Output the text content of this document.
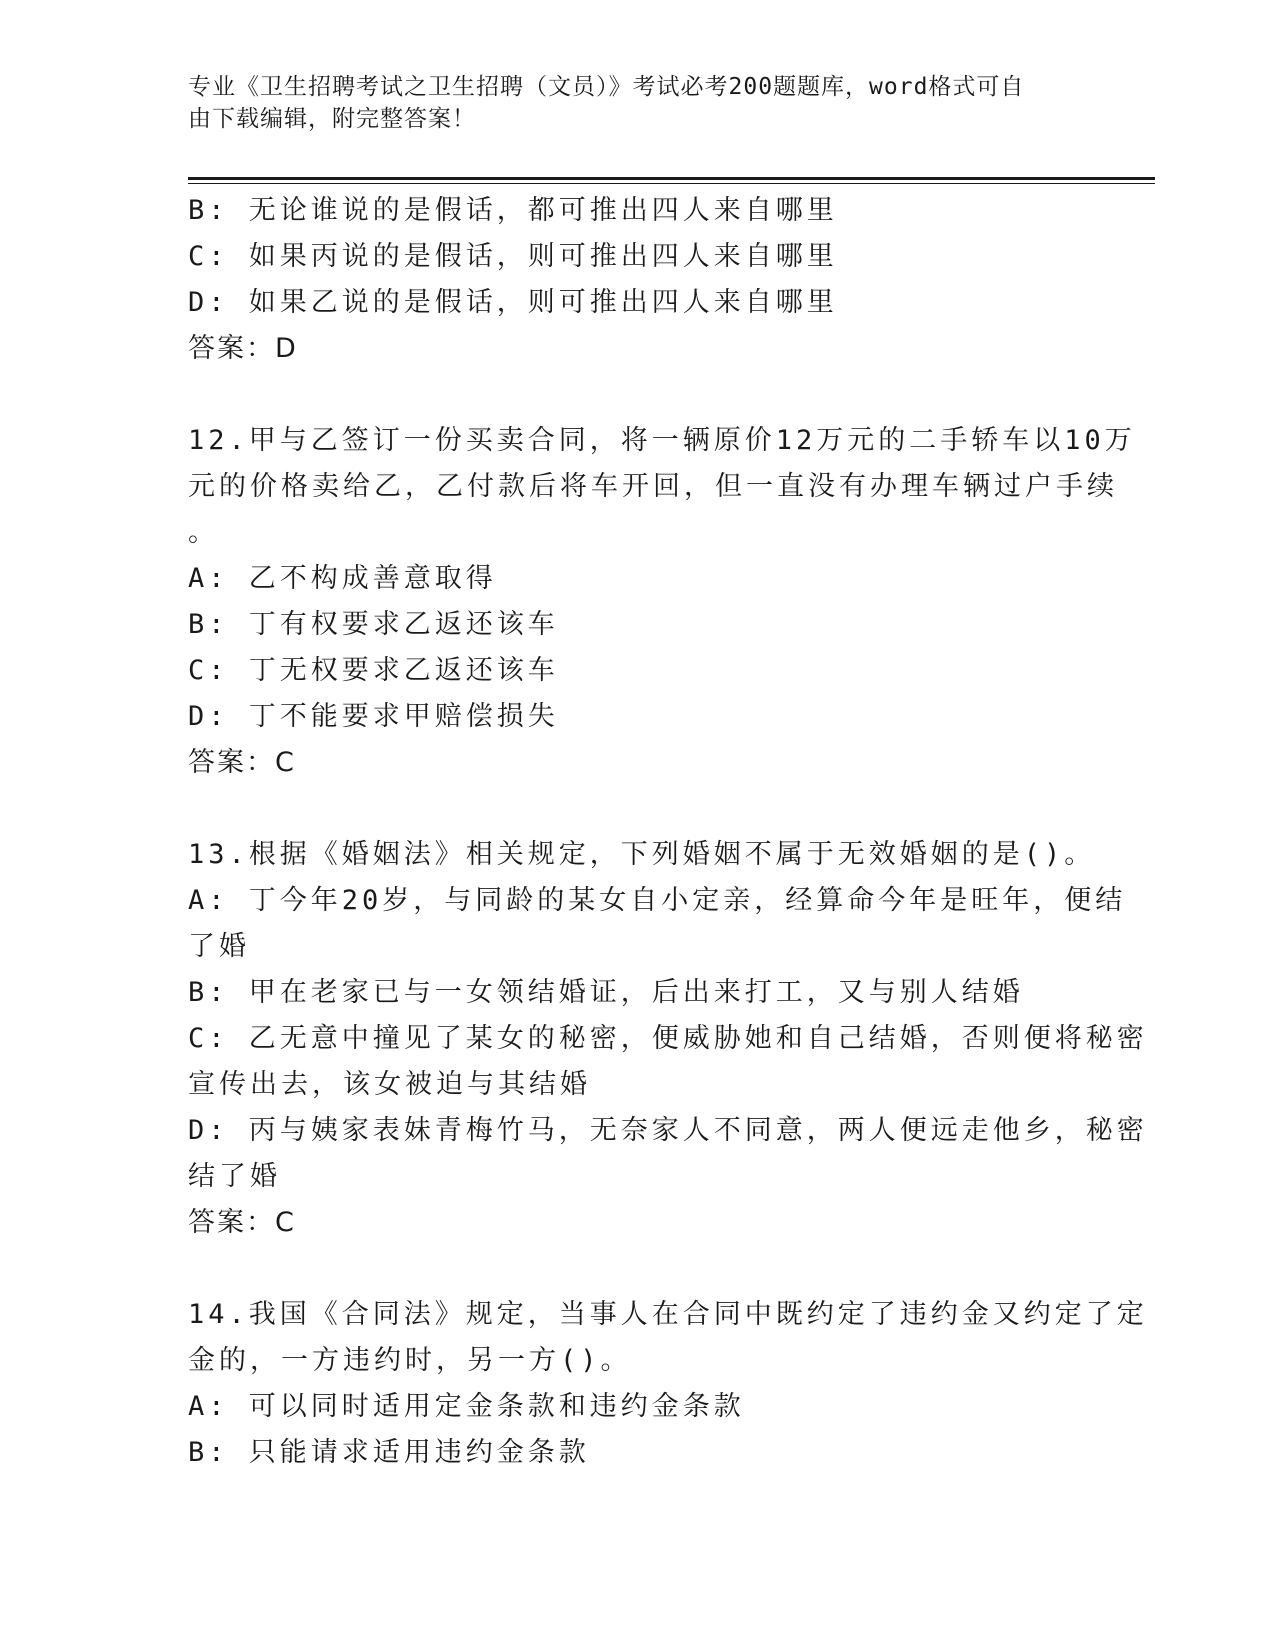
专业《卫生招聘考试之卫生招聘（文员）》考试必考200题题库，word格式可自
由下载编辑，附完整答案！
B: 无论谁说的是假话，都可推出四人来自哪里
C: 如果丙说的是假话，则可推出四人来自哪里
D: 如果乙说的是假话，则可推出四人来自哪里
答案：D
12.甲与乙签订一份买卖合同，将一辆原价12万元的二手轿车以10万
元的价格卖给乙，乙付款后将车开回，但一直没有办理车辆过户手续
。
A: 乙不构成善意取得
B: 丁有权要求乙返还该车
C: 丁无权要求乙返还该车
D: 丁不能要求甲赔偿损失
答案：C
13.根据《婚姻法》相关规定，下列婚姻不属于无效婚姻的是()。
A: 丁今年20岁，与同龄的某女自小定亲，经算命今年是旺年，便结
了婚
B: 甲在老家已与一女领结婚证，后出来打工，又与别人结婚
C: 乙无意中撞见了某女的秘密，便威胁她和自己结婚，否则便将秘密
宣传出去，该女被迫与其结婚
D: 丙与姨家表妹青梅竹马，无奈家人不同意，两人便远走他乡，秘密
结了婚
答案：C
14.我国《合同法》规定，当事人在合同中既约定了违约金又约定了定
金的，一方违约时，另一方()。
A: 可以同时适用定金条款和违约金条款
B: 只能请求适用违约金条款
